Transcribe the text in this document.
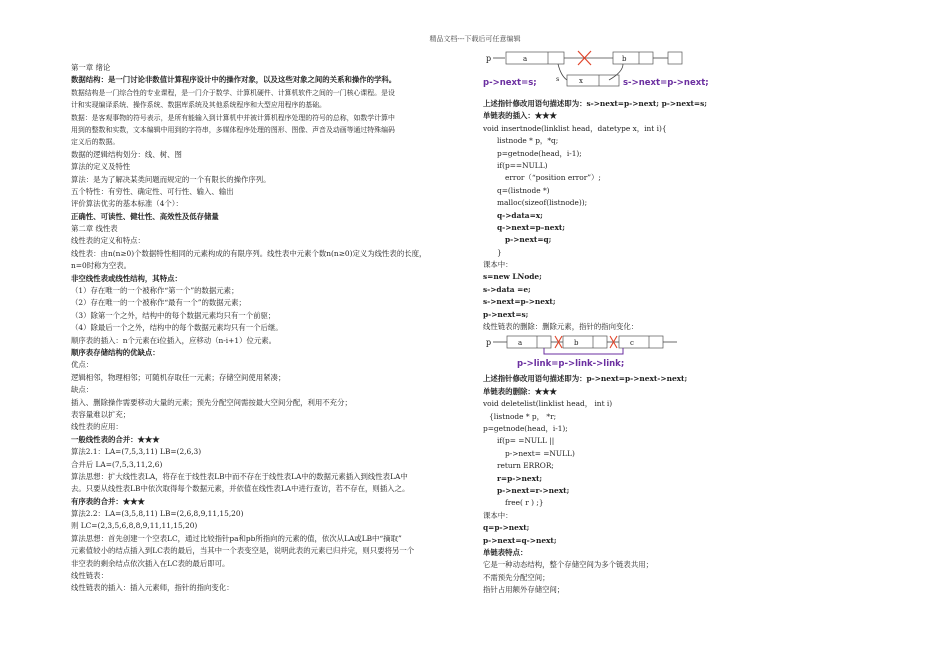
精品文档---下载后可任意编辑
第一章 绪论
数据结构：是一门讨论非数值计算程序设计中的操作对象，以及这些对象之间的关系和操作的学科。
数据结构是一门综合性的专业课程，是一门介于数学、计算机硬件、计算机软件之间的一门核心课程。是设
计和实现编译系统、操作系统、数据库系统及其他系统程序和大型应用程序的基础。
数据：是客观事物的符号表示，是所有能输入到计算机中并被计算机程序处理的符号的总称，如数学计算中
用到的整数和实数，文本编辑中用到的字符串，多媒体程序处理的图形、图像、声音及动画等通过特殊编码
定义后的数据。
数据的逻辑结构划分：线、树、图
算法的定义及特性
算法：是为了解决某类问题而规定的一个有限长的操作序列。
五个特性：有穷性、确定性、可行性、输入、输出
评价算法优劣的基本标准（4个）：
正确性、可读性、健壮性、高效性及低存储量
第二章 线性表
线性表的定义和特点：
线性表：由n(n≥0)个数据特性相同的元素构成的有限序列。线性表中元素个数n(n≥0)定义为线性表的长度，
n=0时称为空表。
非空线性表或线性结构，其特点：
（1）存在唯一的一个被称作“第一个”的数据元素；
（2）存在唯一的一个被称作“最有一个”的数据元素；
（3）除第一个之外，结构中的每个数据元素均只有一个前驱；
（4）除最后一个之外，结构中的每个数据元素均只有一个后继。
顺序表的插入：n个元素在i位插入，应移动（n-i+1）位元素。
顺序表存储结构的优缺点：
优点：
逻辑相邻，物理相邻；可随机存取任一元素；存储空间使用紧凑；
缺点：
插入、删除操作需要移动大量的元素；预先分配空间需按最大空间分配，利用不充分；
表容量难以扩充；
线性表的应用：
一般线性表的合并：★★★
算法2.1：LA=(7,5,3,11) LB=(2,6,3)
合并后 LA=(7,5,3,11,2,6)
算法思想：扩大线性表LA，将存在于线性表LB中而不存在于线性表LA中的数据元素插入到线性表LA中
去。只要从线性表LB中依次取得每个数据元素，并依值在线性表LA中进行查访，若不存在，则插入之。
有序表的合并：★★★
算法2.2：LA=(3,5,8,11) LB=(2,6,8,9,11,15,20)
则 LC=(2,3,5,6,8,8,9,11,11,15,20)
算法思想：首先创建一个空表LC，通过比较指针pa和pb所指向的元素的值，依次从LA或LB中“摘取”
元素值较小的结点插入到LC表的最后，当其中一个表变空是，说明此表的元素已归并完，则只要将另一个
非空表的剩余结点依次插入在LC表的最后即可。
线性链表：
线性链表的插入：插入元素师，指针的指向变化：
p	a	b
s	x
p->next=s;	s->next=p->next;
上述指针修改用语句描述即为：s->next=p->next; p->next=s;
单链表的插入：★★★
void insertnode(linklist head，datetype x，int i){
listnode * p，*q;
p=getnode(head，i-1);
if(p==NULL)
error（“position error”）;
q=(listnode *)
malloc(sizeof(listnode));
q->data=x;
q->next=p–next;
p->next=q;
}
课本中：
s=new LNode;
s->data =e;
s->next=p->next;
p->next=s;
线性链表的删除：删除元素，指针的指向变化：
p	a	b	c
p->link=p->link->link;
上述指针修改用语句描述即为：p->next=p->next->next;
单链表的删除：★★★
void deletelist(linklist head， int i)
{listnode * p， *r;
p=getnode(head，i-1);
if(p= =NULL ||
p->next= =NULL)
return ERROR;
r=p->next;
p->next=r->next;
free( r ) ;}
课本中：
q=p->next;
p->next=q->next;
单链表特点：
它是一种动态结构，整个存储空间为多个链表共用；
不需预先分配空间；
指针占用额外存储空间；
